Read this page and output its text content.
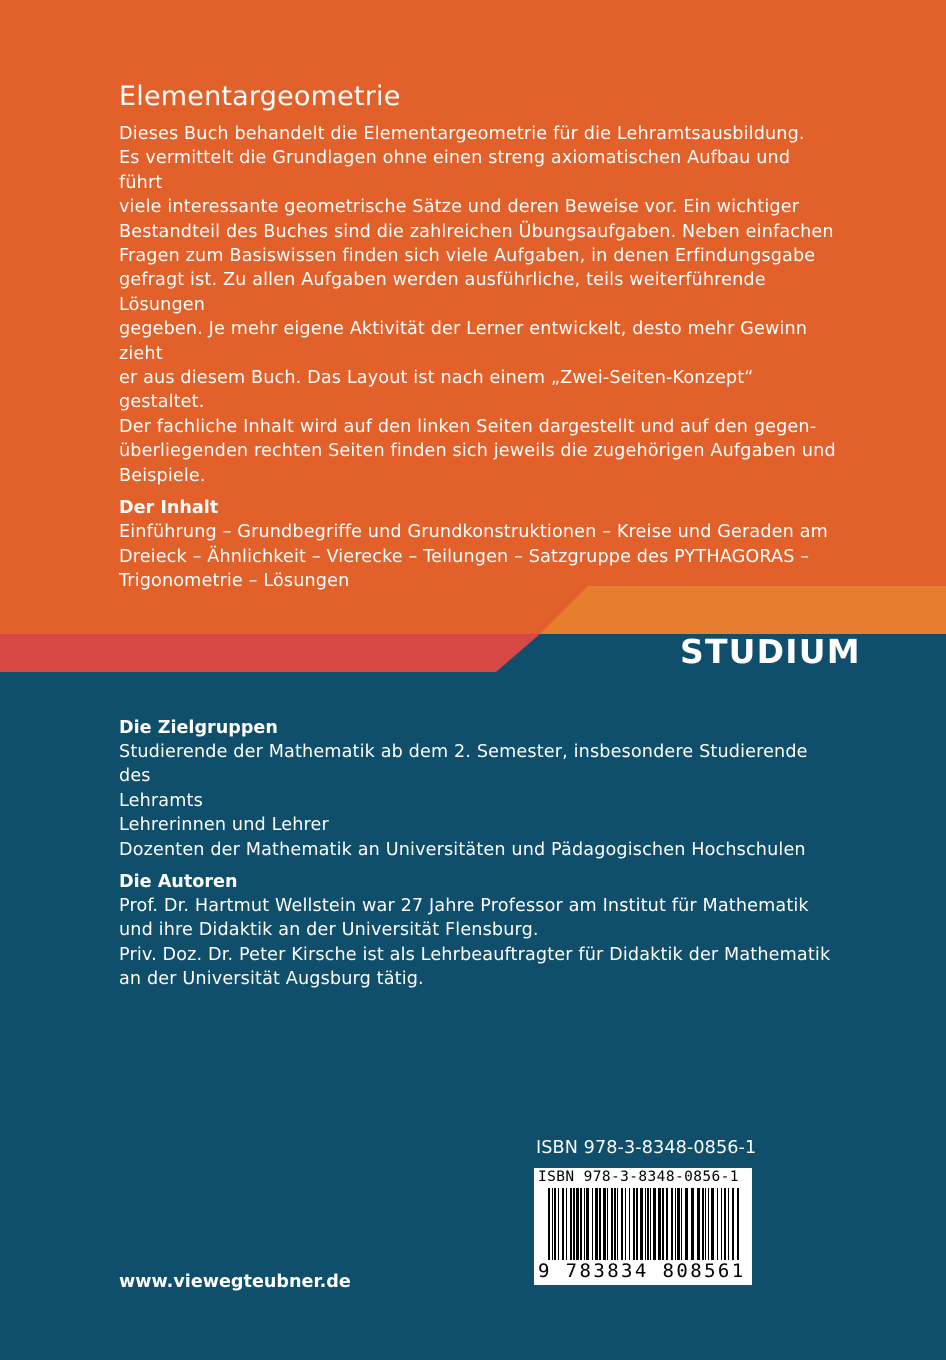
Elementargeometrie

Dieses Buch behandelt die Elementargeometrie für die Lehramtsausbildung.

Es vermittelt die Grundlagen ohne einen streng axiomatischen Aufbau und führt

viele interessante geometrische Sätze und deren Beweise vor. Ein wichtiger

Bestandteil des Buches sind die zahlreichen Übungsaufgaben. Neben einfachen

Fragen zum Basiswissen finden sich viele Aufgaben, in denen Erfindungsgabe

gefragt ist. Zu allen Aufgaben werden ausführliche, teils weiterführende Lösungen

gegeben. Je mehr eigene Aktivität der Lerner entwickelt, desto mehr Gewinn zieht

er aus diesem Buch. Das Layout ist nach einem „Zwei-Seiten-Konzept“ gestaltet.

Der fachliche Inhalt wird auf den linken Seiten dargestellt und auf den gegen-

überliegenden rechten Seiten finden sich jeweils die zugehörigen Aufgaben und

Beispiele.

Der Inhalt

Einführung – Grundbegriffe und Grundkonstruktionen – Kreise und Geraden am

Dreieck – Ähnlichkeit – Vierecke – Teilungen – Satzgruppe des PYTHAGORAS –

Trigonometrie – Lösungen

STUDIUM
Die Zielgruppen

Studierende der Mathematik ab dem 2. Semester, insbesondere Studierende des

Lehramts

Lehrerinnen und Lehrer

Dozenten der Mathematik an Universitäten und Pädagogischen Hochschulen

Die Autoren

Prof. Dr. Hartmut Wellstein war 27 Jahre Professor am Institut für Mathematik

und ihre Didaktik an der Universität Flensburg.

Priv. Doz. Dr. Peter Kirsche ist als Lehrbeauftragter für Didaktik der Mathematik

an der Universität Augsburg tätig.

ISBN 978-3-8348-0856-1
ISBN 978-3-8348-0856-1
9 783834 808561
www.viewegteubner.de
